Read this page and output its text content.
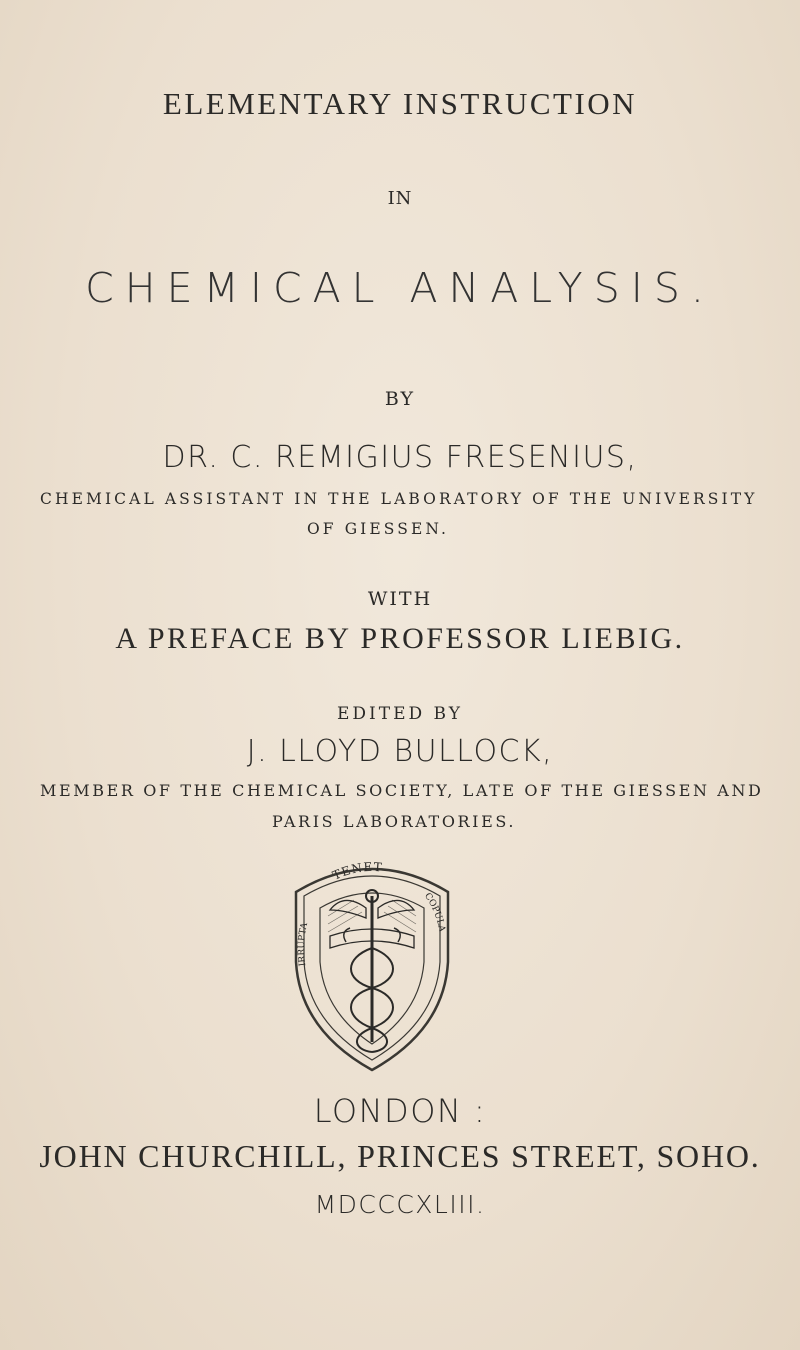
ELEMENTARY INSTRUCTION
IN
CHEMICAL ANALYSIS.
BY
DR. C. REMIGIUS FRESENIUS,
CHEMICAL ASSISTANT IN THE LABORATORY OF THE UNIVERSITY
OF GIESSEN.
WITH
A PREFACE BY PROFESSOR LIEBIG.
EDITED BY
J. LLOYD BULLOCK,
MEMBER OF THE CHEMICAL SOCIETY, LATE OF THE GIESSEN AND
PARIS LABORATORIES.
TENET
IRRUPTA
COPULA
LONDON :
JOHN CHURCHILL, PRINCES STREET, SOHO.
MDCCCXLIII.
